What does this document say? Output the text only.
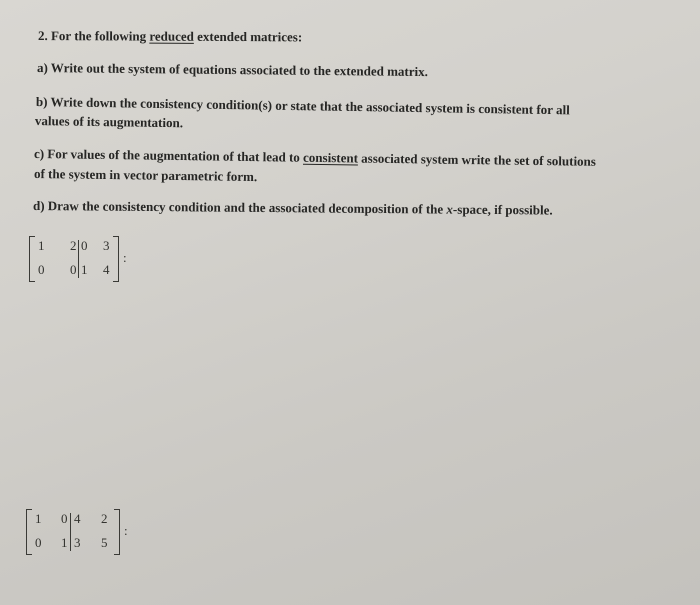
2. For the following reduced extended matrices:
a) Write out the system of equations associated to the extended matrix.
b) Write down the consistency condition(s) or state that the associated system is consistent for all
values of its augmentation.
c) For values of the augmentation of that lead to consistent associated system write the set of solutions
of the system in vector parametric form.
d) Draw the consistency condition and the associated decomposition of the x-space, if possible.
1 2 0 3
0 0 1 4
:
1 0 4 2
0 1 3 5
:
